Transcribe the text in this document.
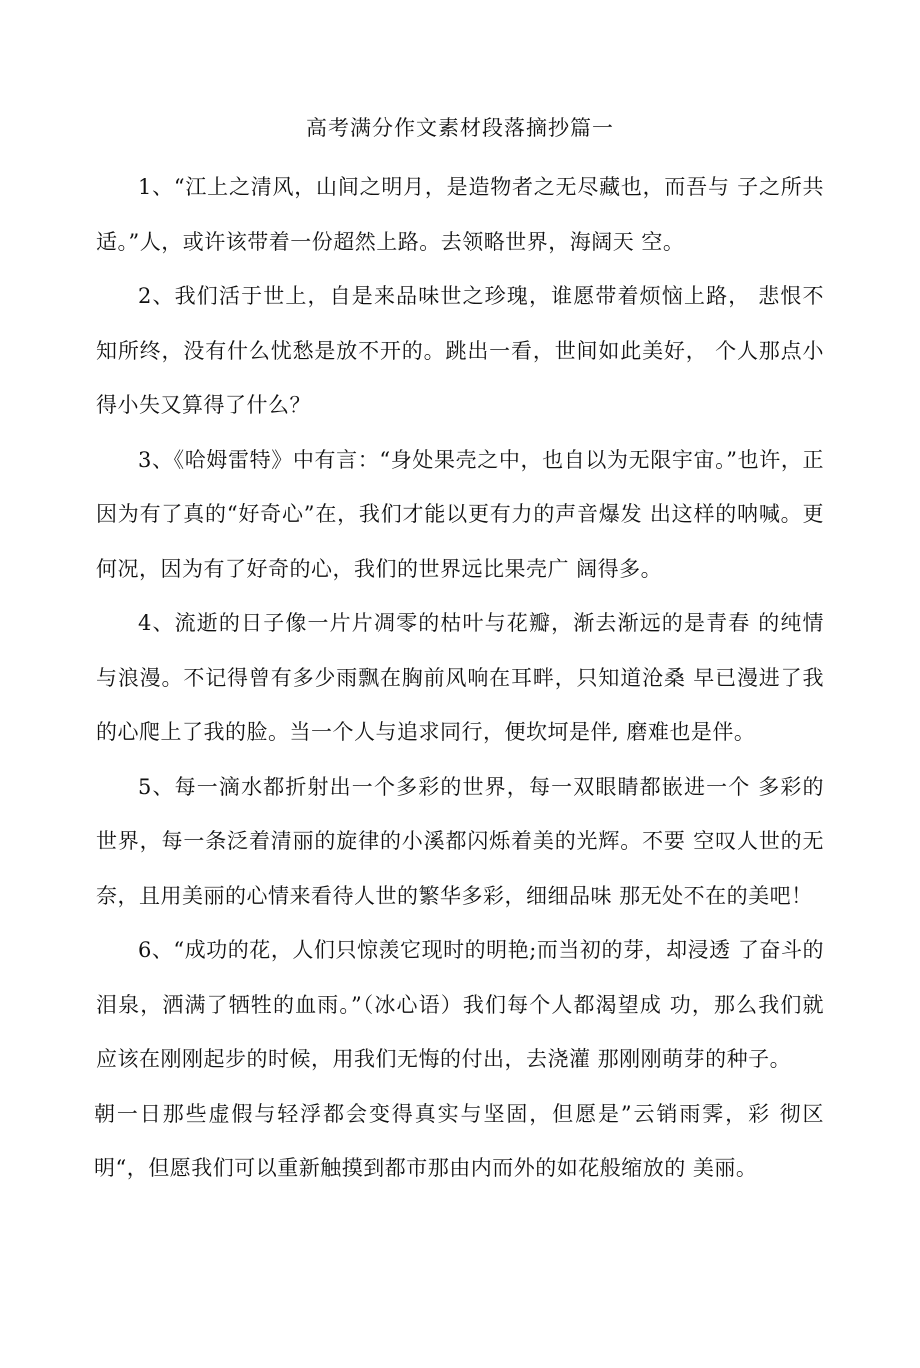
高考满分作文素材段落摘抄篇一

1、“江上之清风，山间之明月，是造物者之无尽藏也，而吾与 子之所共适。”人，或许该带着一份超然上路。去领略世界，海阔天 空。

2、我们活于世上，自是来品味世之珍瑰，谁愿带着烦恼上路， 悲恨不知所终，没有什么忧愁是放不开的。跳出一看，世间如此美好， 个人那点小得小失又算得了什么？

3、《哈姆雷特》中有言：“身处果壳之中，也自以为无限宇宙。”也许，正因为有了真的“好奇心”在，我们才能以更有力的声音爆发 出这样的呐喊。更何况，因为有了好奇的心，我们的世界远比果壳广 阔得多。

4、流逝的日子像一片片凋零的枯叶与花瓣，渐去渐远的是青春 的纯情与浪漫。不记得曾有多少雨飘在胸前风响在耳畔，只知道沧桑 早已漫进了我的心爬上了我的脸。当一个人与追求同行，便坎坷是伴, 磨难也是伴。

5、每一滴水都折射出一个多彩的世界，每一双眼睛都嵌进一个 多彩的世界，每一条泛着清丽的旋律的小溪都闪烁着美的光辉。不要 空叹人世的无奈，且用美丽的心情来看待人世的繁华多彩，细细品味 那无处不在的美吧！

6、“成功的花，人们只惊羡它现时的明艳;而当初的芽，却浸透 了奋斗的泪泉，洒满了牺牲的血雨。”（冰心语）我们每个人都渴望成 功，那么我们就应该在刚刚起步的时候，用我们无悔的付出，去浇灌 那刚刚萌芽的种子。

朝一日那些虚假与轻浮都会变得真实与坚固，但愿是”云销雨霁，彩 彻区明“，但愿我们可以重新触摸到都市那由内而外的如花般缩放的 美丽。
